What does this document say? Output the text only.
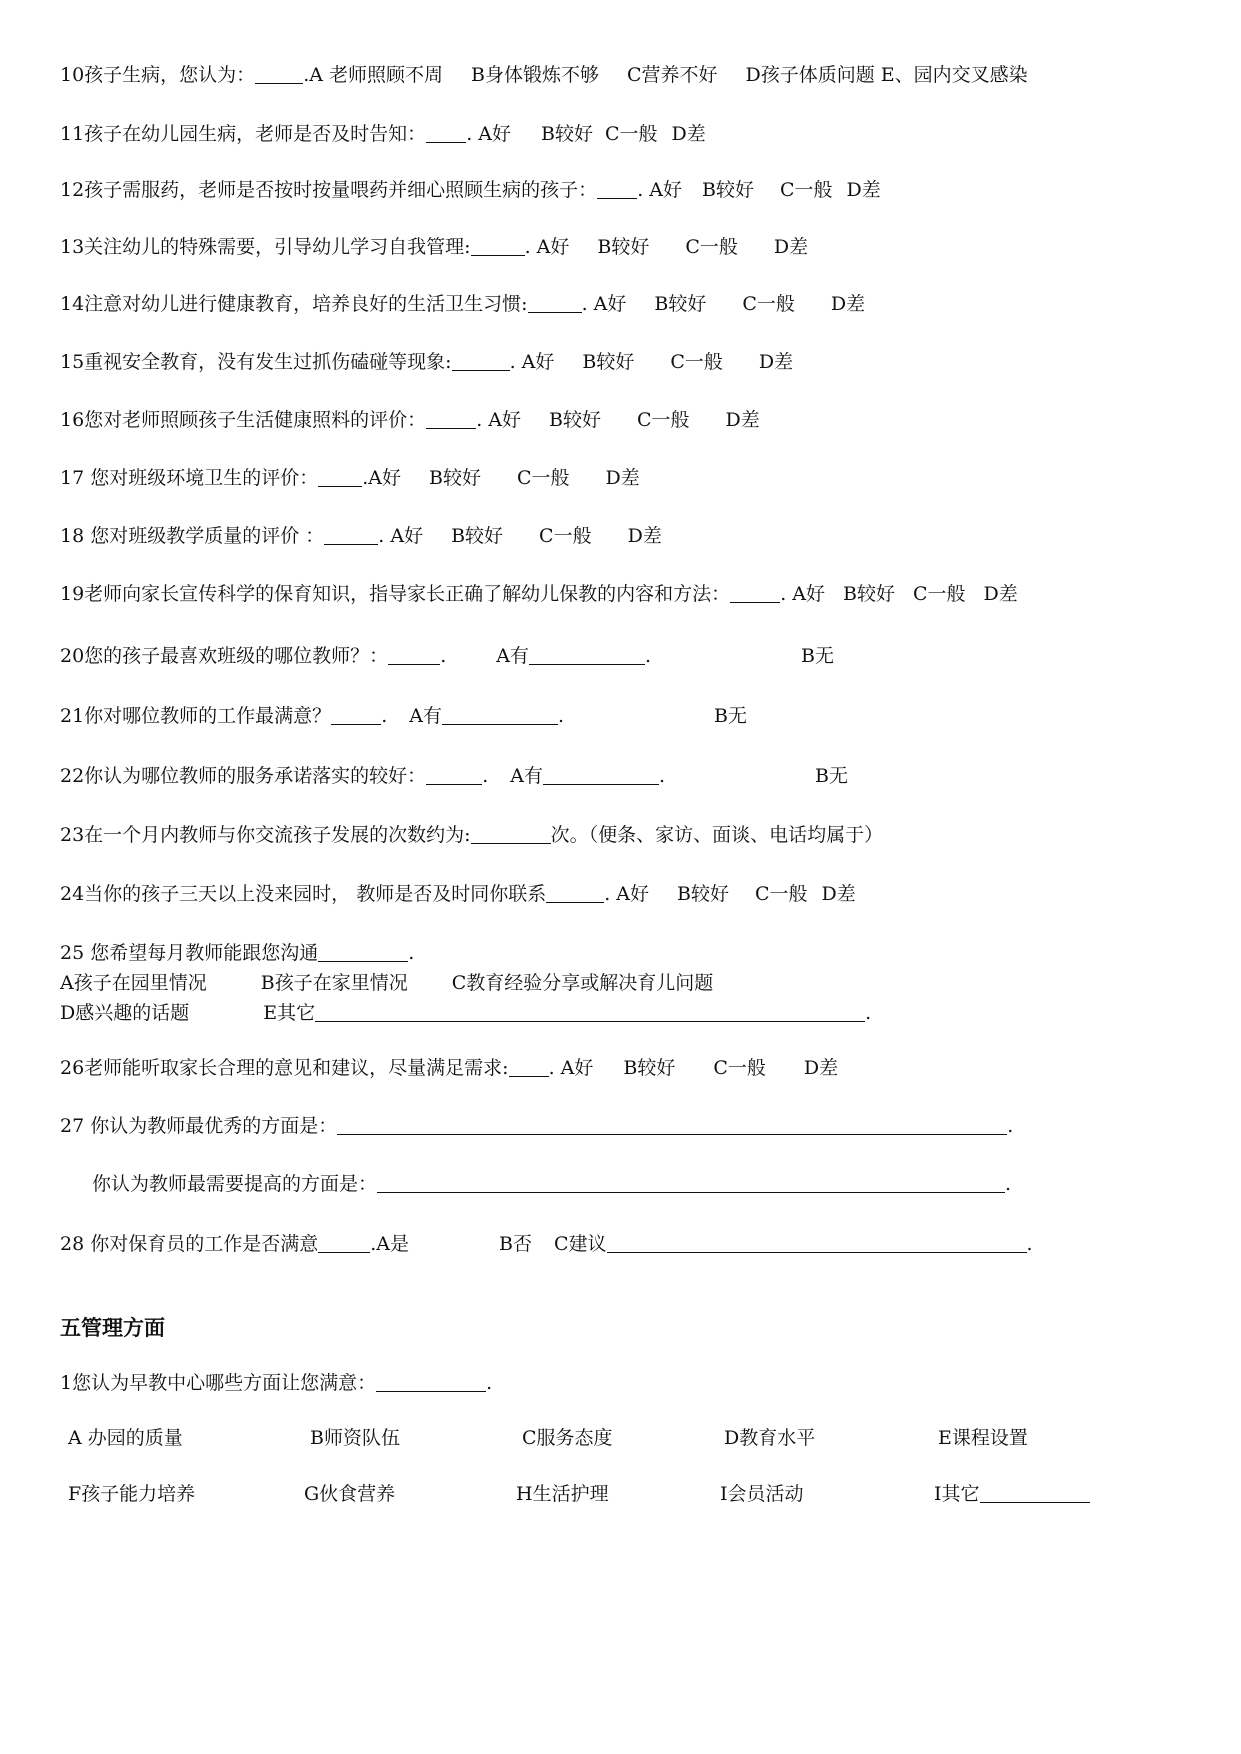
10孩子生病，您认为：	.A 老师照顾不周 B身体锻炼不够 C营养不好 D孩子体质问题 E、园内交叉感染
11孩子在幼儿园生病，老师是否及时告知： . A好 B较好 C一般 D差
12孩子需服药，老师是否按时按量喂药并细心照顾生病的孩子： . A好 B较好 C一般 D差
13关注幼儿的特殊需要，引导幼儿学习自我管理:	. A好 B较好 C一般 D差
14注意对幼儿进行健康教育，培养良好的生活卫生习惯:	. A好 B较好 C一般 D差
15重视安全教育，没有发生过抓伤磕碰等现象:	. A好 B较好 C一般 D差
16您对老师照顾孩子生活健康照料的评价：	. A好 B较好 C一般 D差
17 您对班级环境卫生的评价： .A好 B较好 C一般 D差
18 您对班级教学质量的评价 ：	. A好 B较好 C一般 D差
19老师向家长宣传科学的保育知识，指导家长正确了解幼儿保教的内容和方法：	. A好 B较好 C一般 D差
20您的孩子最喜欢班级的哪位教师？：	.	A有	.	B无
21你对哪位教师的工作最满意？	. A有	.	B无
22你认为哪位教师的服务承诺落实的较好：	. A有	.	B无
23在一个月内教师与你交流孩子发展的次数约为:	次。（便条、家访、面谈、电话均属于）
24当你的孩子三天以上没来园时， 教师是否及时同你联系	. A好 B较好 C一般 D差
25 您希望每月教师能跟您沟通	.
A孩子在园里情况	B孩子在家里情况 C教育经验分享或解决育儿问题
D感兴趣的话题	E其它	.
26老师能听取家长合理的意见和建议，尽量满足需求: . A好 B较好 C一般 D差
27 你认为教师最优秀的方面是：	.
你认为教师最需要提高的方面是：	.
28 你对保育员的工作是否满意	.A是	B否 C建议	.
五管理方面
1您认为早教中心哪些方面让您满意：	.
A 办园的质量	B师资队伍	C服务态度	D教育水平	E课程设置
F孩子能力培养	G伙食营养	H生活护理	I会员活动	I其它
